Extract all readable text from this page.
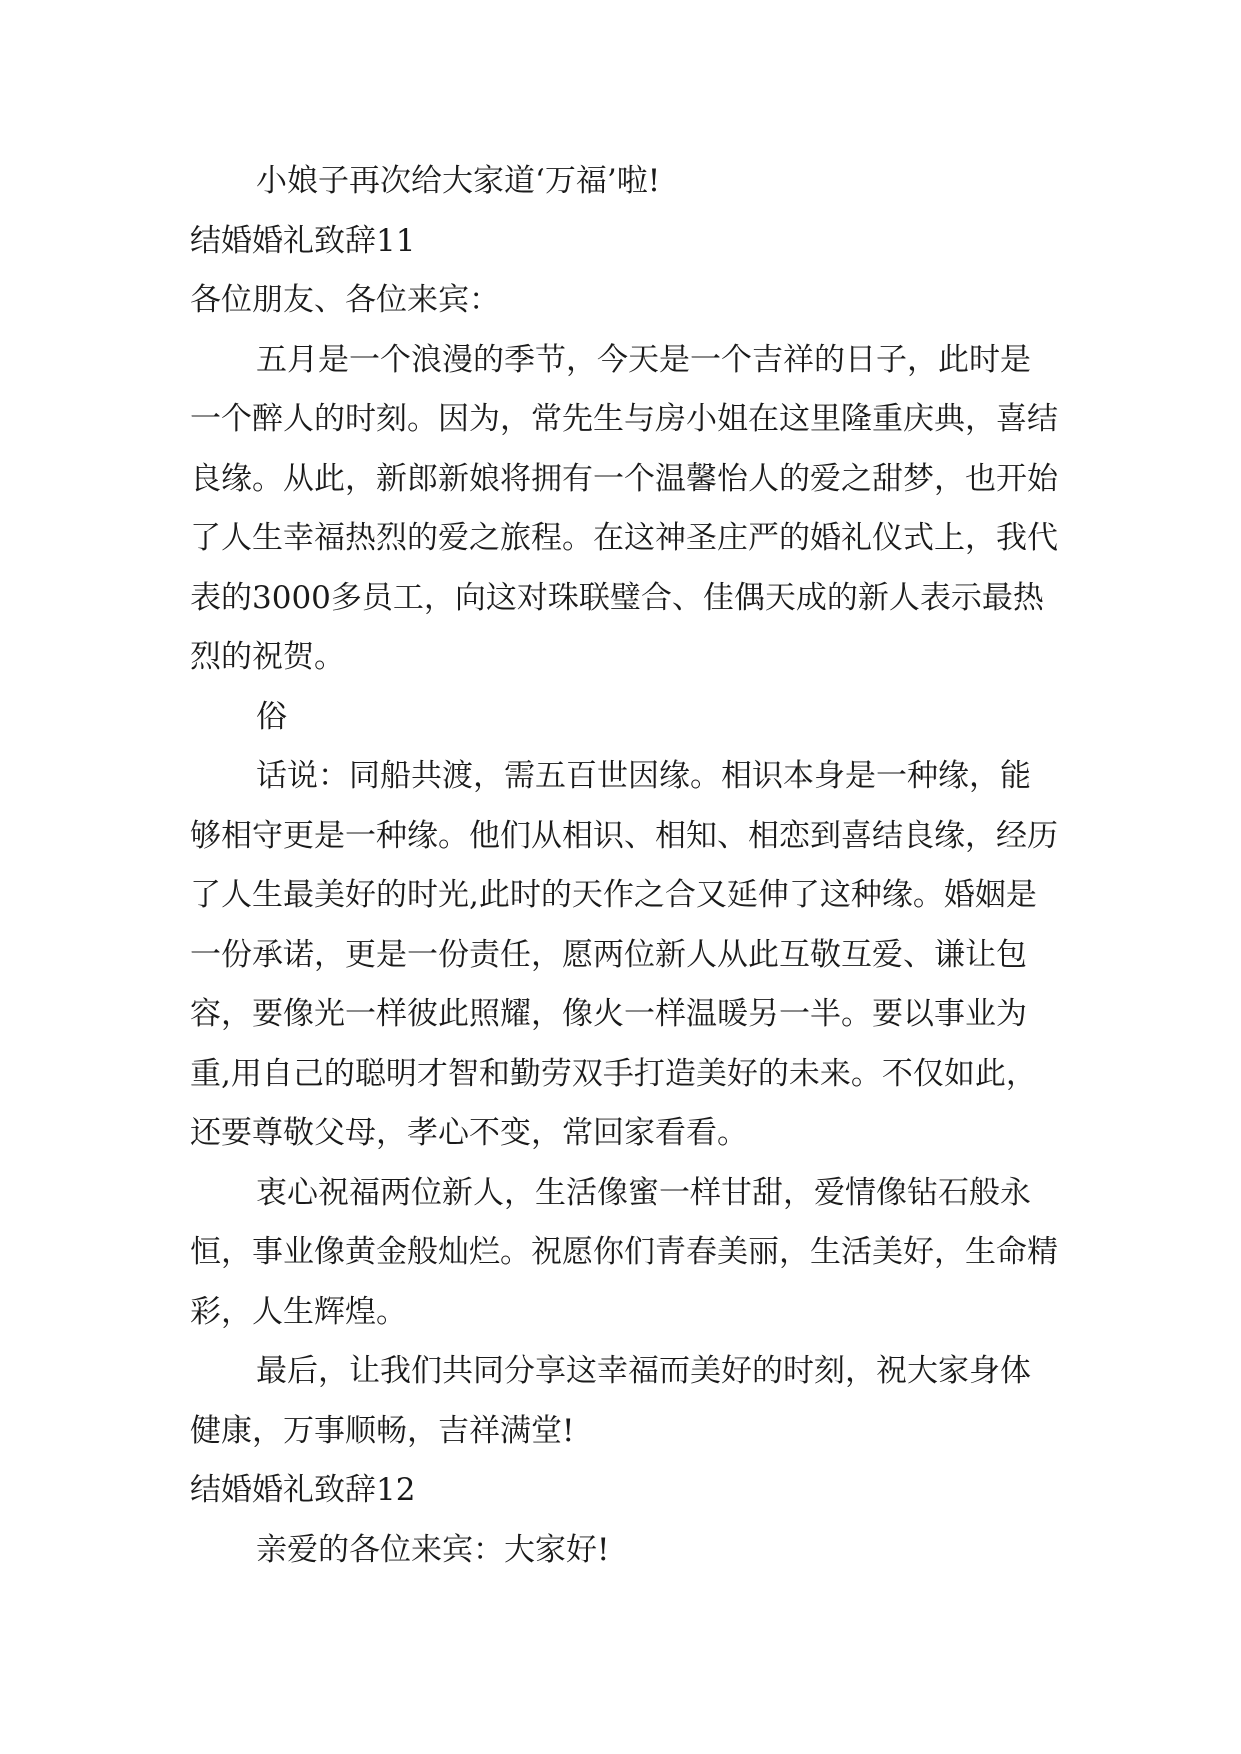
小娘子再次给大家道‘万福’啦!

结婚婚礼致辞11

各位朋友、各位来宾：

五月是一个浪漫的季节，今天是一个吉祥的日子，此时是一个醉人的时刻。因为，常先生与房小姐在这里隆重庆典，喜结良缘。从此，新郎新娘将拥有一个温馨怡人的爱之甜梦，也开始了人生幸福热烈的爱之旅程。在这神圣庄严的婚礼仪式上，我代表的3000多员工，向这对珠联璧合、佳偶天成的新人表示最热烈的祝贺。

俗

话说：同船共渡，需五百世因缘。相识本身是一种缘，能够相守更是一种缘。他们从相识、相知、相恋到喜结良缘，经历了人生最美好的时光,此时的天作之合又延伸了这种缘。婚姻是一份承诺，更是一份责任，愿两位新人从此互敬互爱、谦让包容，要像光一样彼此照耀，像火一样温暖另一半。要以事业为重,用自己的聪明才智和勤劳双手打造美好的未来。不仅如此，还要尊敬父母，孝心不变，常回家看看。

衷心祝福两位新人，生活像蜜一样甘甜，爱情像钻石般永恒，事业像黄金般灿烂。祝愿你们青春美丽，生活美好，生命精彩，人生辉煌。

最后，让我们共同分享这幸福而美好的时刻，祝大家身体健康，万事顺畅，吉祥满堂!

结婚婚礼致辞12

亲爱的各位来宾：大家好!
